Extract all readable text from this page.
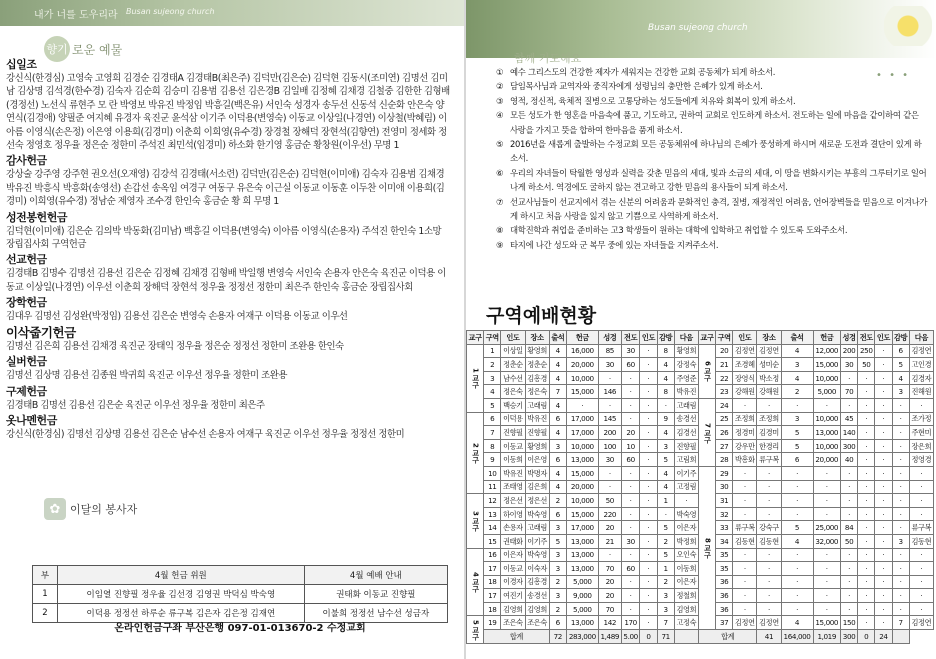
내가 너를 도우리라 Busan sujeong church
향기 로운 예물
십일조
강신식(한경심) 고영숙 고영희 김경순 김경태A 김경태B(최은주) 김덕만(김은순) 김덕현 김동시(조미연) 김명선 김미남 김상명 김석경(한수경) 김숙자 김순희 김승미 김용범 김용선 김은경B 김일배 김정혜 김채경 김철중 김한한 김형배(경정선) 노선식 류현주 모 란 박영보 박유진 박정임 박흥길(백은유) 서인숙 성경자 송두선 신동석 신순화 안은숙 양연식(김경애) 양필준 여지혜 유경자 육진군 윤석삼 이기주 이덕용(변영숙) 이동교 이상일(나경연) 이상철(박혜림) 이아름 이영식(손은정) 이은영 이용희(김경미) 이춘희 이희영(유수경) 장경철 장해덕 장현석(김향연) 전영미 정세화 정선숙 정영호 정우율 정은순 정한미 주석진 최민석(임경미) 하소화 한기영 홍금순 황창원(이우선) 무명 1
감사헌금
강상술 강주영 강주현 권오선(오재영) 김강석 김경태(서소련) 김덕만(김은순) 김덕현(이미애) 김숙자 김용범 김채경 박유진 박흥식 박흥화(송영선) 손갑선 송옥임 여경구 여동구 유은숙 이근실 이동교 이동훈 이두찬 이미애 이용희(김경미) 이희영(유수경) 정남순 제영자 조수경 한인숙 홍금순 황 희 무명 1
성전봉헌헌금
김덕현(이미애) 김은순 김의박 박동화(김미남) 백흥길 이덕용(변영숙) 이아름 이영식(손용자) 주석진 한인숙 1소망 장립집사회 구역헌금
선교헌금
김경태B 김명수 김명선 김용선 김은순 김정혜 김채경 김형배 박일행 변영숙 서인숙 손용자 안은숙 육진군 이덕용 이동교 이상일(나경연) 이우선 이춘희 장해덕 장현석 정우율 정정선 정한미 최은주 한인숙 홍금순 장립집사회
장학헌금
김대우 김명선 김성완(박정임) 김용선 김은순 변영숙 손용자 여재구 이덕용 이동교 이우선
이삭줍기헌금
김명선 김은희 김용선 김채경 육진군 장태익 정우율 정은순 정정선 정한미 조완용 한인숙
실버헌금
김명선 김상명 김용선 김종원 박귀희 육진군 이우선 정우율 정한미 조완용
구제헌금
김경태B 김명선 김용선 김은순 육진군 이우선 정우율 정한미 최은주
옷나멘헌금
강신식(한경심) 김명선 김상명 김용선 김은순 남수선 손용자 여재구 육진군 이우선 정우율 정정선 정한미
✿ 이달의 봉사자
부	4월 헌금 위원	4월 예배 안내
1	이임열 진향필 정우율 김선경 김영권 박덕심 박숙영	권태화 이동교 진향필
2	이덕용 정정선 하루순 류구복 김은자 김은정 김재연	이불희 정정선 남수선 성금자
온라인헌금구좌 부산은행 097-01-013670-2 수정교회
Busan sujeong church
함께 기도해요
• • •
① 예수 그리스도의 건강한 제자가 세워지는 건강한 교회 공동체가 되게 하소서.
② 담임목사님과 교역자와 중직자에게 성령님의 충만한 은혜가 있게 하소서.
③ 영적, 정신적, 육체적 질병으로 고통당하는 성도들에게 치유와 회복이 있게 하소서.
④ 모든 성도가 한 영혼을 마음속에 품고, 기도하고, 권하여 교회로 인도하게 하소서. 전도하는 일에 마음을 같이하여 같은 사랑을 가지고 뜻을 합하여 한마음을 품게 하소서.
⑤ 2016년을 새롭게 출발하는 수정교회 모든 공동체위에 하나님의 은혜가 풍성하게 하시며 새로운 도전과 결단이 있게 하소서.
⑥ 우리의 자녀들이 탁월한 영성과 실력을 갖춘 믿음의 세대, 빛과 소금의 세대, 이 땅을 변화시키는 부흥의 그루터기로 일어나게 하소서. 역경에도 굴하지 않는 견고하고 강한 믿음의 용사들이 되게 하소서.
⑦ 선교사님들이 선교지에서 겪는 신분의 어려움과 문화적인 충격, 질병, 재정적인 어려움, 언어장벽들을 믿음으로 이겨나가게 하시고 처음 사랑을 잃지 않고 기쁨으로 사역하게 하소서.
⑧ 대학진학과 취업을 준비하는 고3 학생들이 원하는 대학에 입학하고 취업할 수 있도록 도와주소서.
⑨ 타지에 나간 성도와 군 복무 중에 있는 자녀들을 지켜주소서.
구역예배현황
교구	구역	인도	장소	출석	헌금	성경	전도	인도	감방	다음	교구	구역	인도	장소	출석	헌금	성경	전도	인도	감방	다음
1 교구	1	이상일	황영희	4	16,000	85	30	·	8	황영희	6 교구	20	김정연	김정연	4	12,000	200	250	·	6	김정연
	2	정춘순	정춘순	4	20,000	30	60	·	4	강정숙		21	조경혜	성미순	3	15,000	30	50	·	5	고인경
	3	남수선	김흥경	4	10,000	·	·	·	4	주영준		22	장영식	박소정	4	10,000	·	·	·	4	김경자
	4	정은숙	정은숙	7	15,000	146	·	·	8	박유진		23	강해원	강해원	2	5,000	70	·	·	3	진해원
	5	백승기	고래림	4	·	·	·	·	·	고래림	7 교구	24	·	·	·	·	·	·	·	·	·
2 교구	6	이덕용	박유진	6	17,000	145	·	·	9	송경선		25	조정희	조정희	3	10,000	45	·	·	·	조가정
	7	진향필	진향필	4	17,000	200	20	·	4	김경선		26	정경미	김경미	5	13,000	140	·	·	·	주현미
	8	이동교	황영희	3	10,000	100	10	·	3	진향필		27	강우만	한경리	5	10,000	300	·	·	·	장은희
	9	이동희	이은영	6	13,000	30	60	·	5	고림희		28	박흥화	류구복	6	20,000	40	·	·	·	정영경
	10	박유진	박명자	4	15,000	·	·	·	4	이기주	8 교구	29	·	·	·	·	·	·	·	·	·
	11	조태영	김은희	4	20,000	·	·	·	4	고정림		30	·	·	·	·	·	·	·	·	·
3 교구	12	정은선	정은선	2	10,000	50	·	·	1	·		31	·	·	·	·	·	·	·	·	·
	13	하이영	박숙영	6	15,000	220	·	·	·	박숙영		32	·	·	·	·	·	·	·	·	·
	14	손용자	고래림	3	17,000	20	·	·	5	이은자		33	류구복	강숙구	5	25,000	84	·	·	·	류구복
	15	권태화	이기주	5	13,000	21	30	·	2	박정희		34	김동현	김동현	4	32,000	50	·	·	3	김동현
4 교구	16	이은자	박숙영	3	13,000	·	·	·	5	오인숙		35	·	·	·	·	·	·	·	·	·
	17	이동교	이숙자	3	13,000	70	60	·	1	이동희		35	·	·	·	·	·	·	·	·	·
	18	이경자	김흥경	2	5,000	20	·	·	2	이은자		36	·	·	·	·	·	·	·	·	·
	17	여진기	송경선	3	9,000	20	·	·	3	정철희		36	·	·	·	·	·	·	·	·	·
	18	김영희	김영희	2	5,000	70	·	·	3	김영희		36	·	·	·	·	·	·	·	·	·
5 교구	19	조은숙	조은숙	6	13,000	142	170	·	7	고정숙		37	김정연	김정연	4	15,000	150	·	·	7	김정연
	합계			72	283,000	1,489	5.00	0	71		합계			41	164,000	1,019	300	0	24		
